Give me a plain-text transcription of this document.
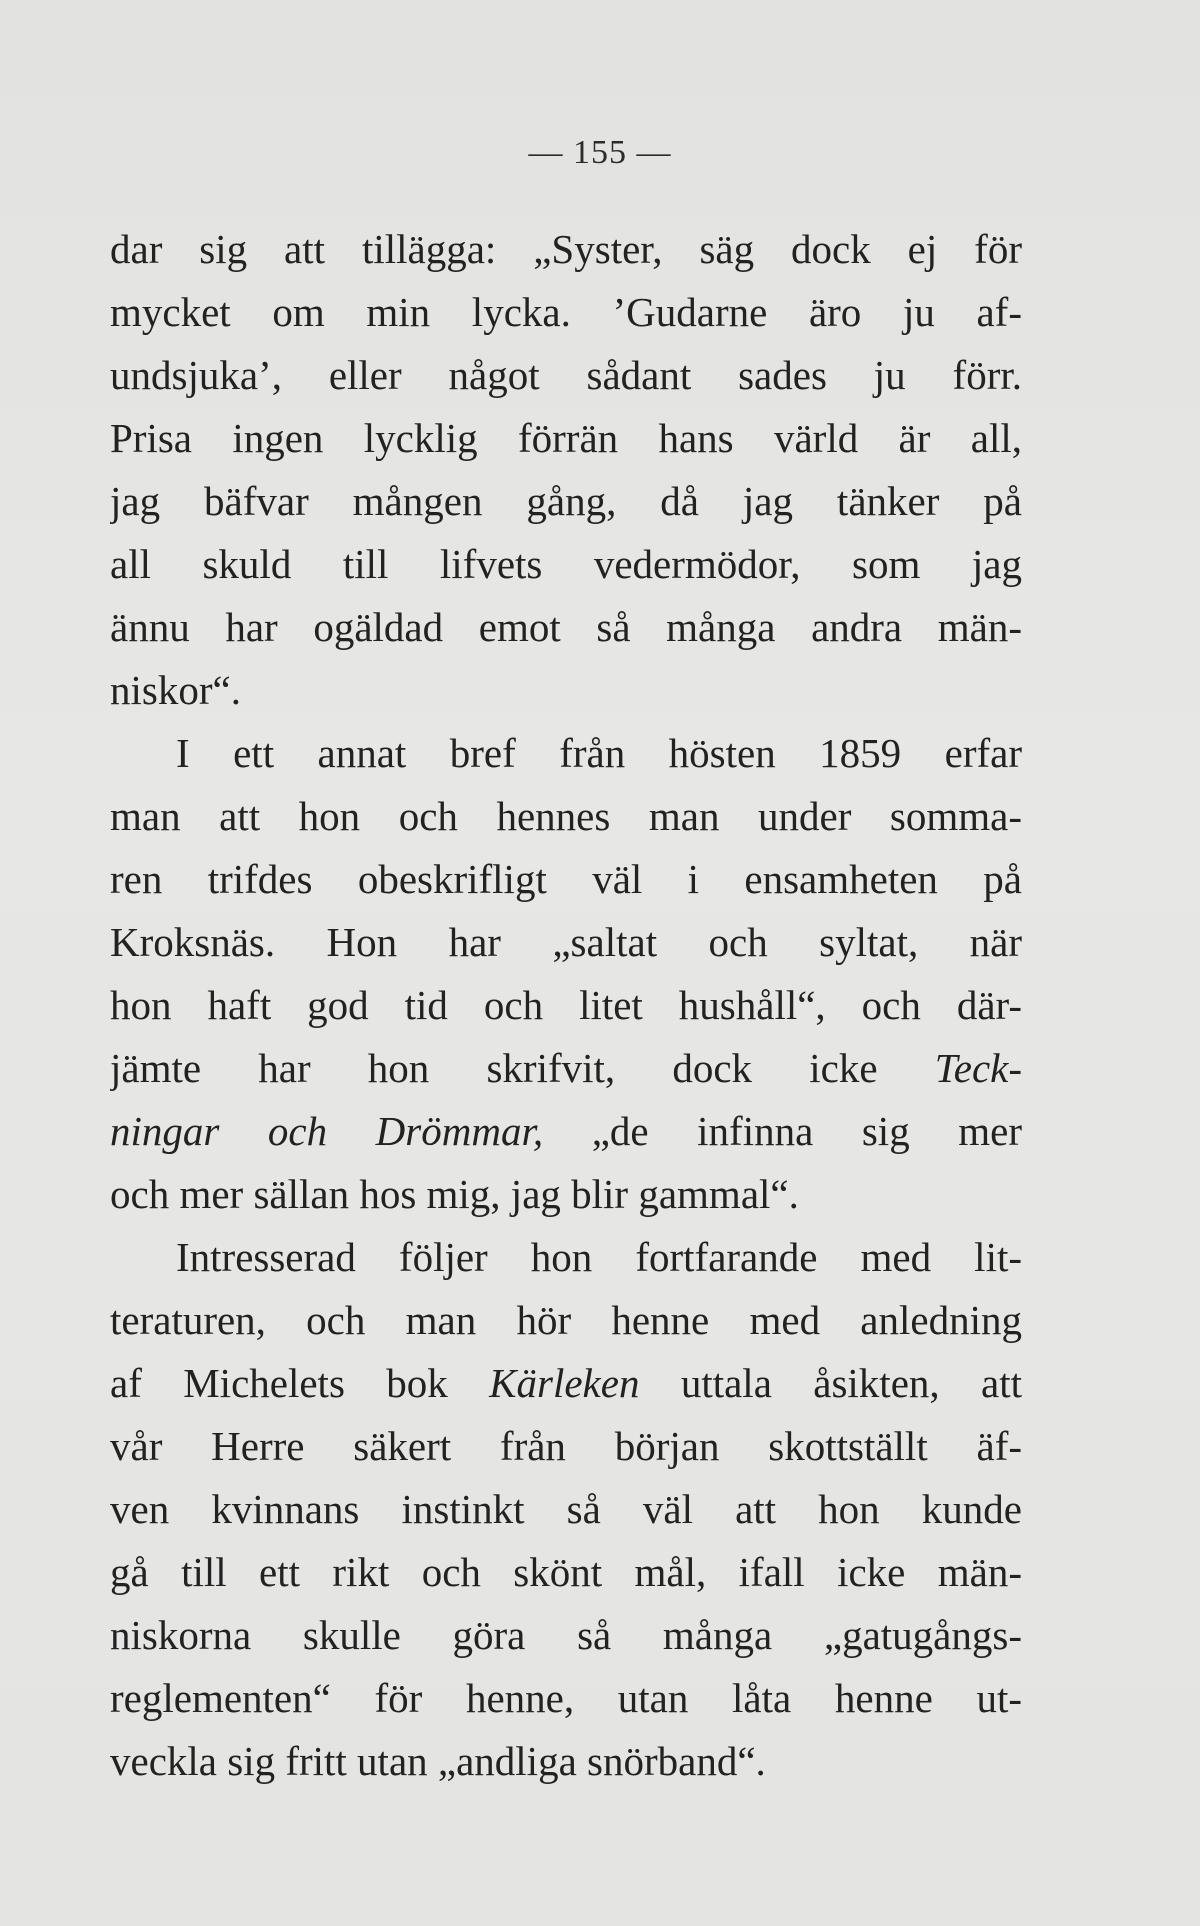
— 155 —
dar sig att tillägga: „Syster, säg dock ej för
mycket om min lycka. ’Gudarne äro ju af-
undsjuka’, eller något sådant sades ju förr.
Prisa ingen lycklig förrän hans värld är all,
jag bäfvar mången gång, då jag tänker på
all skuld till lifvets vedermödor, som jag
ännu har ogäldad emot så många andra män-
niskor“.
I ett annat bref från hösten 1859 erfar
man att hon och hennes man under somma-
ren trifdes obeskrifligt väl i ensamheten på
Kroksnäs. Hon har „saltat och syltat, när
hon haft god tid och litet hushåll“, och där-
jämte har hon skrifvit, dock icke Teck-
ningar och Drömmar, „de infinna sig mer
och mer sällan hos mig, jag blir gammal“.
Intresserad följer hon fortfarande med lit-
teraturen, och man hör henne med anledning
af Michelets bok Kärleken uttala åsikten, att
vår Herre säkert från början skottställt äf-
ven kvinnans instinkt så väl att hon kunde
gå till ett rikt och skönt mål, ifall icke män-
niskorna skulle göra så många „gatugångs-
reglementen“ för henne, utan låta henne ut-
veckla sig fritt utan „andliga snörband“.
